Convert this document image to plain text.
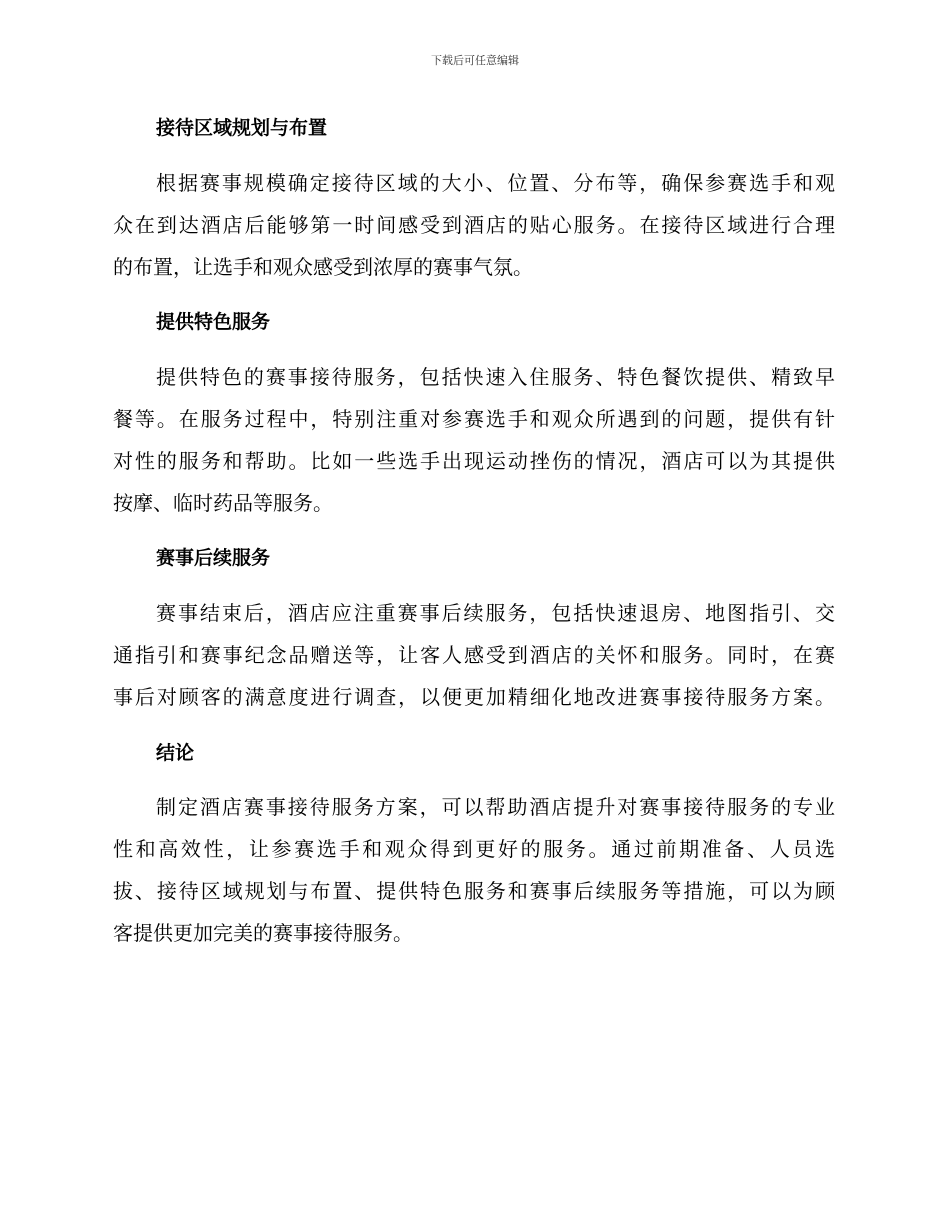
下载后可任意编辑
接待区域规划与布置
根据赛事规模确定接待区域的大小、位置、分布等，确保参赛选手和观
众在到达酒店后能够第一时间感受到酒店的贴心服务。在接待区域进行合理
的布置，让选手和观众感受到浓厚的赛事气氛。
提供特色服务
提供特色的赛事接待服务，包括快速入住服务、特色餐饮提供、精致早
餐等。在服务过程中，特别注重对参赛选手和观众所遇到的问题，提供有针
对性的服务和帮助。比如一些选手出现运动挫伤的情况，酒店可以为其提供
按摩、临时药品等服务。
赛事后续服务
赛事结束后，酒店应注重赛事后续服务，包括快速退房、地图指引、交
通指引和赛事纪念品赠送等，让客人感受到酒店的关怀和服务。同时，在赛
事后对顾客的满意度进行调查，以便更加精细化地改进赛事接待服务方案。
结论
制定酒店赛事接待服务方案，可以帮助酒店提升对赛事接待服务的专业
性和高效性，让参赛选手和观众得到更好的服务。通过前期准备、人员选
拔、接待区域规划与布置、提供特色服务和赛事后续服务等措施，可以为顾
客提供更加完美的赛事接待服务。
